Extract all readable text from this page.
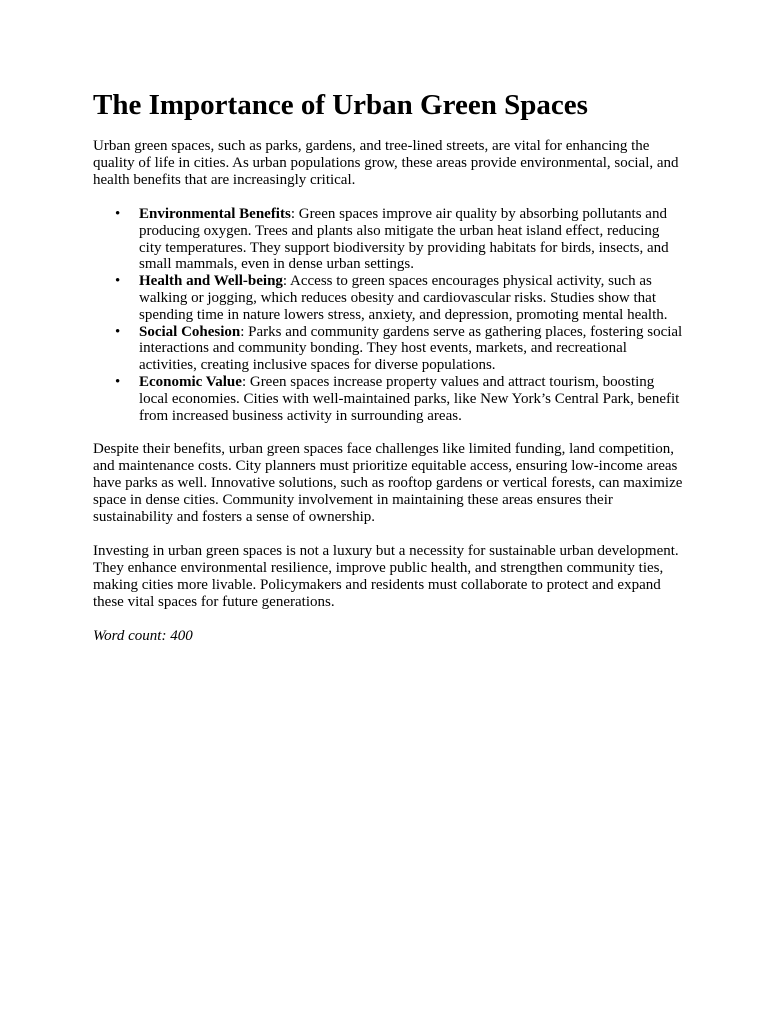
The Importance of Urban Green Spaces

Urban green spaces, such as parks, gardens, and tree-lined streets, are vital for enhancing the quality of life in cities. As urban populations grow, these areas provide environmental, social, and health benefits that are increasingly critical.

• Environmental Benefits: Green spaces improve air quality by absorbing pollutants and producing oxygen. Trees and plants also mitigate the urban heat island effect, reducing city temperatures. They support biodiversity by providing habitats for birds, insects, and small mammals, even in dense urban settings.
• Health and Well-being: Access to green spaces encourages physical activity, such as walking or jogging, which reduces obesity and cardiovascular risks. Studies show that spending time in nature lowers stress, anxiety, and depression, promoting mental health.
• Social Cohesion: Parks and community gardens serve as gathering places, fostering social interactions and community bonding. They host events, markets, and recreational activities, creating inclusive spaces for diverse populations.
• Economic Value: Green spaces increase property values and attract tourism, boosting local economies. Cities with well-maintained parks, like New York’s Central Park, benefit from increased business activity in surrounding areas.

Despite their benefits, urban green spaces face challenges like limited funding, land competition, and maintenance costs. City planners must prioritize equitable access, ensuring low-income areas have parks as well. Innovative solutions, such as rooftop gardens or vertical forests, can maximize space in dense cities. Community involvement in maintaining these areas ensures their sustainability and fosters a sense of ownership.

Investing in urban green spaces is not a luxury but a necessity for sustainable urban development. They enhance environmental resilience, improve public health, and strengthen community ties, making cities more livable. Policymakers and residents must collaborate to protect and expand these vital spaces for future generations.

Word count: 400
